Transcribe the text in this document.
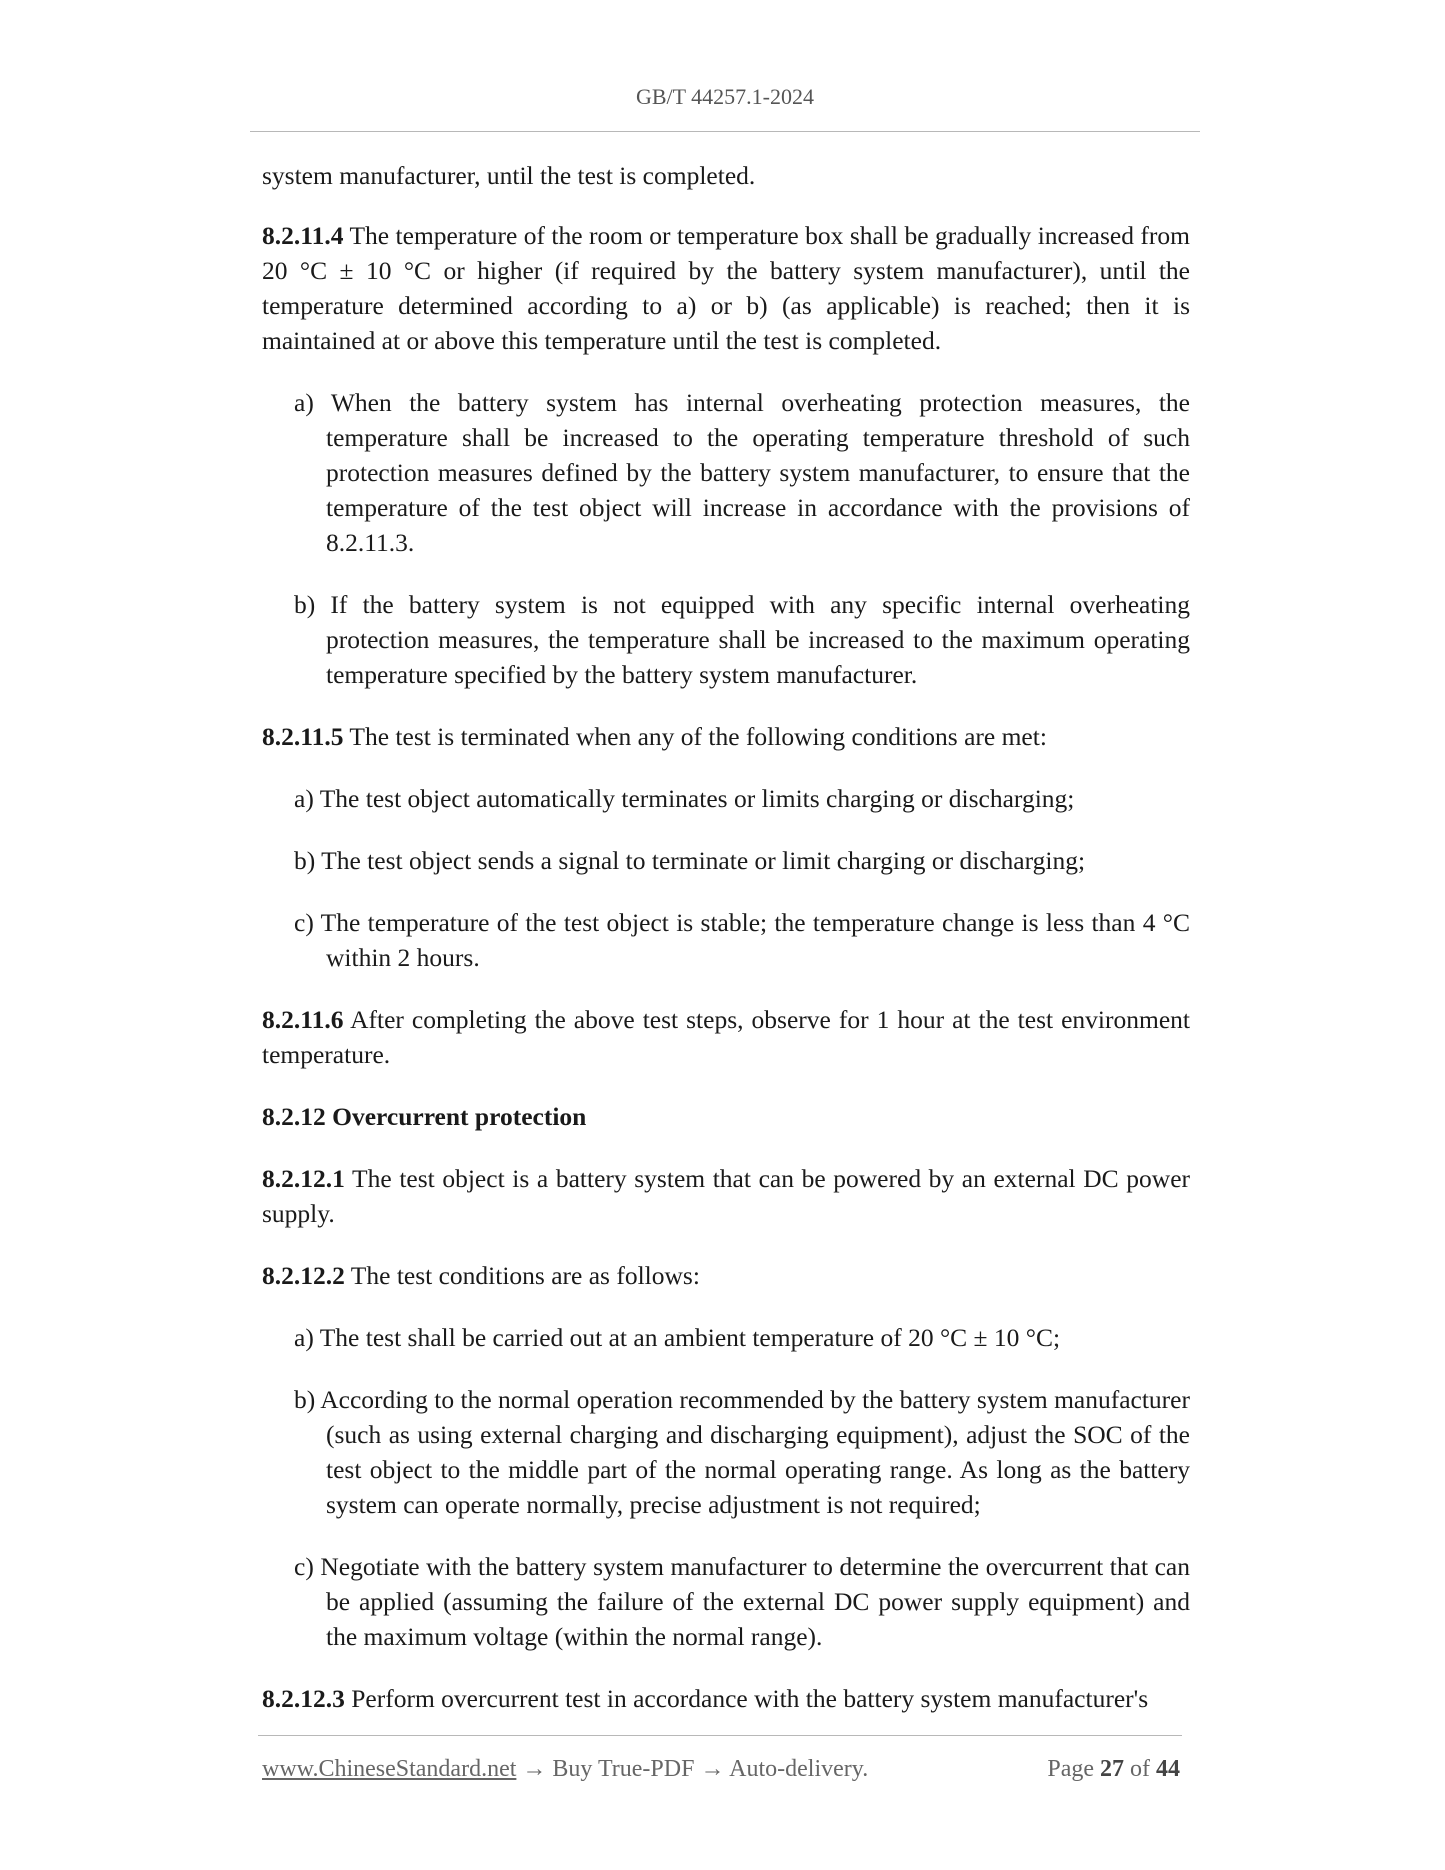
GB/T 44257.1-2024

system manufacturer, until the test is completed.

8.2.11.4 The temperature of the room or temperature box shall be gradually increased from 20 °C ± 10 °C or higher (if required by the battery system manufacturer), until the temperature determined according to a) or b) (as applicable) is reached; then it is maintained at or above this temperature until the test is completed.

a) When the battery system has internal overheating protection measures, the temperature shall be increased to the operating temperature threshold of such protection measures defined by the battery system manufacturer, to ensure that the temperature of the test object will increase in accordance with the provisions of 8.2.11.3.
b) If the battery system is not equipped with any specific internal overheating protection measures, the temperature shall be increased to the maximum operating temperature specified by the battery system manufacturer.

8.2.11.5 The test is terminated when any of the following conditions are met:

a) The test object automatically terminates or limits charging or discharging;
b) The test object sends a signal to terminate or limit charging or discharging;
c) The temperature of the test object is stable; the temperature change is less than 4 °C within 2 hours.

8.2.11.6 After completing the above test steps, observe for 1 hour at the test environment temperature.

8.2.12 Overcurrent protection

8.2.12.1 The test object is a battery system that can be powered by an external DC power supply.

8.2.12.2 The test conditions are as follows:

a) The test shall be carried out at an ambient temperature of 20 °C ± 10 °C;
b) According to the normal operation recommended by the battery system manufacturer (such as using external charging and discharging equipment), adjust the SOC of the test object to the middle part of the normal operating range. As long as the battery system can operate normally, precise adjustment is not required;
c) Negotiate with the battery system manufacturer to determine the overcurrent that can be applied (assuming the failure of the external DC power supply equipment) and the maximum voltage (within the normal range).

8.2.12.3 Perform overcurrent test in accordance with the battery system manufacturer's

www.ChineseStandard.net → Buy True-PDF → Auto-delivery.	Page 27 of 44
